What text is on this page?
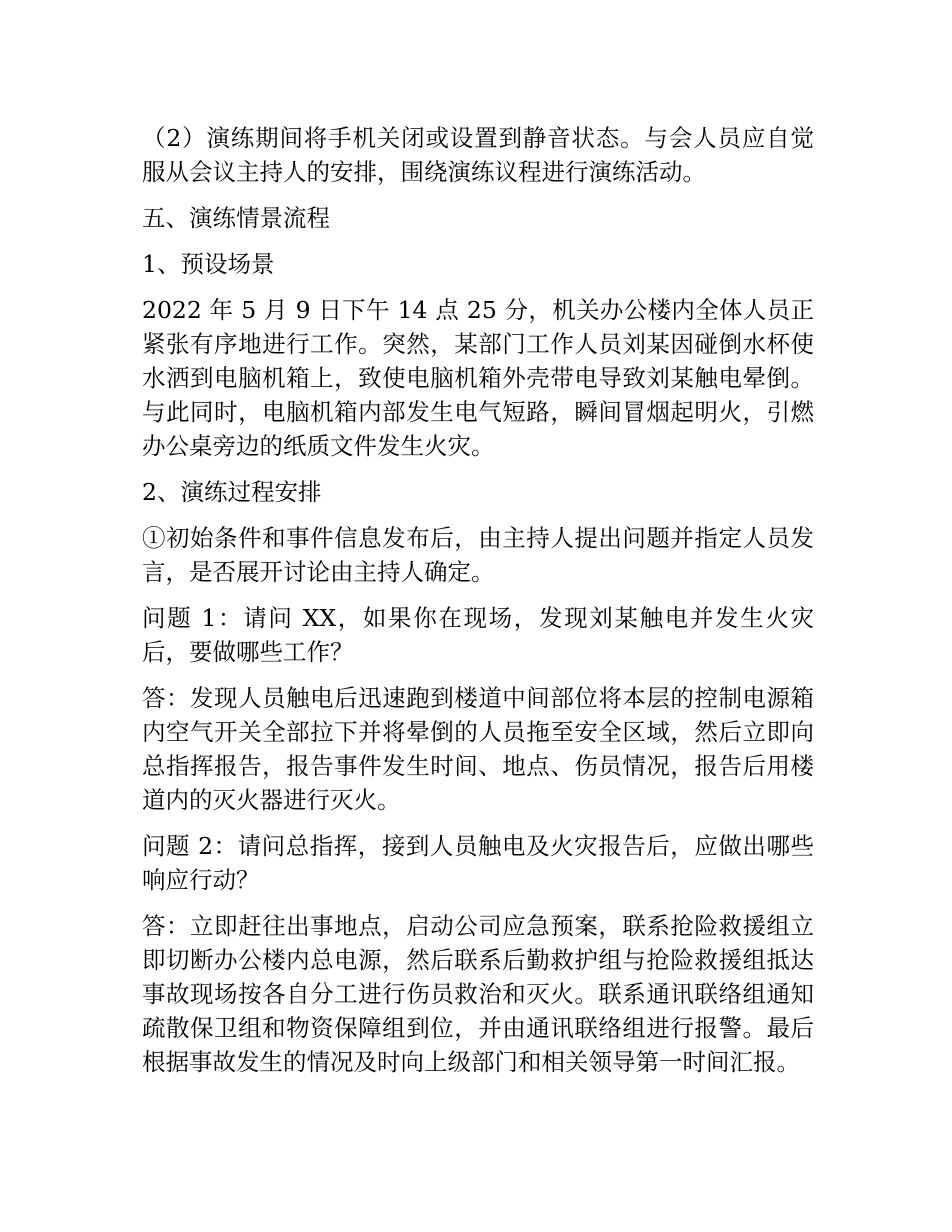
（2）演练期间将手机关闭或设置到静音状态。与会人员应自觉服从会议主持人的安排，围绕演练议程进行演练活动。

五、演练情景流程

1、预设场景

2022 年 5 月 9 日下午 14 点 25 分，机关办公楼内全体人员正紧张有序地进行工作。突然，某部门工作人员刘某因碰倒水杯使水洒到电脑机箱上，致使电脑机箱外壳带电导致刘某触电晕倒。与此同时，电脑机箱内部发生电气短路，瞬间冒烟起明火，引燃办公桌旁边的纸质文件发生火灾。

2、演练过程安排

①初始条件和事件信息发布后，由主持人提出问题并指定人员发言，是否展开讨论由主持人确定。

问题 1：请问 XX，如果你在现场，发现刘某触电并发生火灾后，要做哪些工作？

答：发现人员触电后迅速跑到楼道中间部位将本层的控制电源箱内空气开关全部拉下并将晕倒的人员拖至安全区域，然后立即向总指挥报告，报告事件发生时间、地点、伤员情况，报告后用楼道内的灭火器进行灭火。

问题 2：请问总指挥，接到人员触电及火灾报告后，应做出哪些响应行动？

答：立即赶往出事地点，启动公司应急预案，联系抢险救援组立即切断办公楼内总电源，然后联系后勤救护组与抢险救援组抵达事故现场按各自分工进行伤员救治和灭火。联系通讯联络组通知疏散保卫组和物资保障组到位，并由通讯联络组进行报警。最后根据事故发生的情况及时向上级部门和相关领导第一时间汇报。
